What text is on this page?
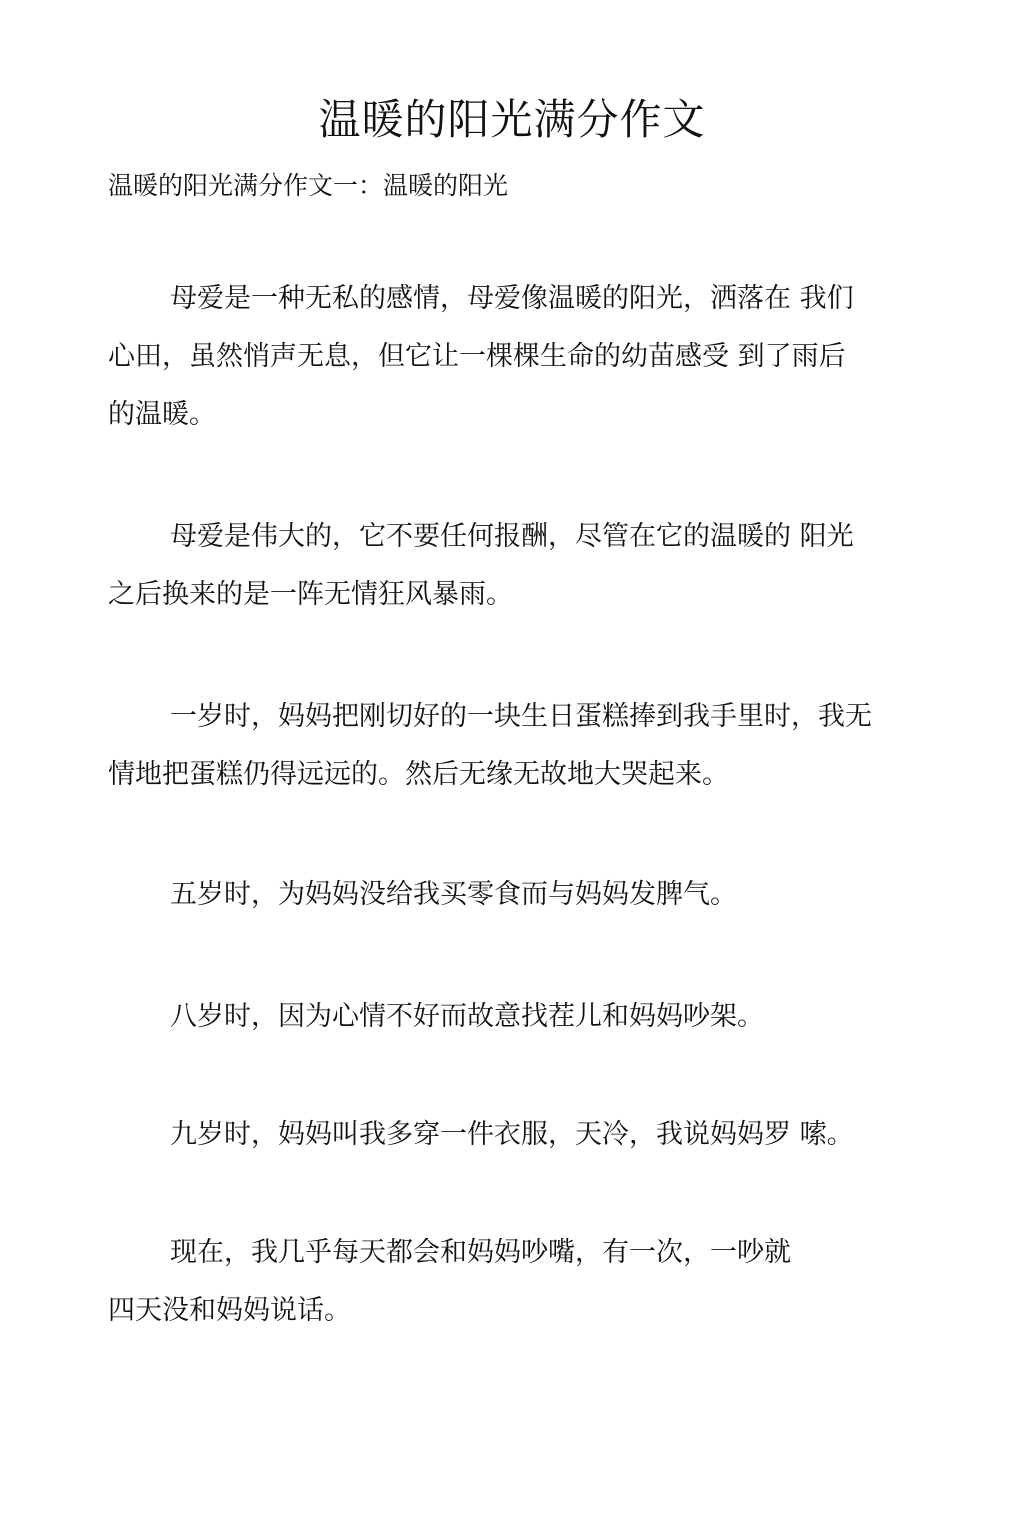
温暖的阳光满分作文
温暖的阳光满分作文一：温暖的阳光
母爱是一种无私的感情，母爱像温暖的阳光，洒落在 我们
心田，虽然悄声无息，但它让一棵棵生命的幼苗感受 到了雨后
的温暖。
母爱是伟大的，它不要任何报酬，尽管在它的温暖的 阳光
之后换来的是一阵无情狂风暴雨。
一岁时，妈妈把刚切好的一块生日蛋糕捧到我手里时，我无
情地把蛋糕仍得远远的。然后无缘无故地大哭起来。
五岁时，为妈妈没给我买零食而与妈妈发脾气。
八岁时，因为心情不好而故意找茬儿和妈妈吵架。
九岁时，妈妈叫我多穿一件衣服，天冷，我说妈妈罗 嗦。
现在，我几乎每天都会和妈妈吵嘴，有一次，一吵就
四天没和妈妈说话。
